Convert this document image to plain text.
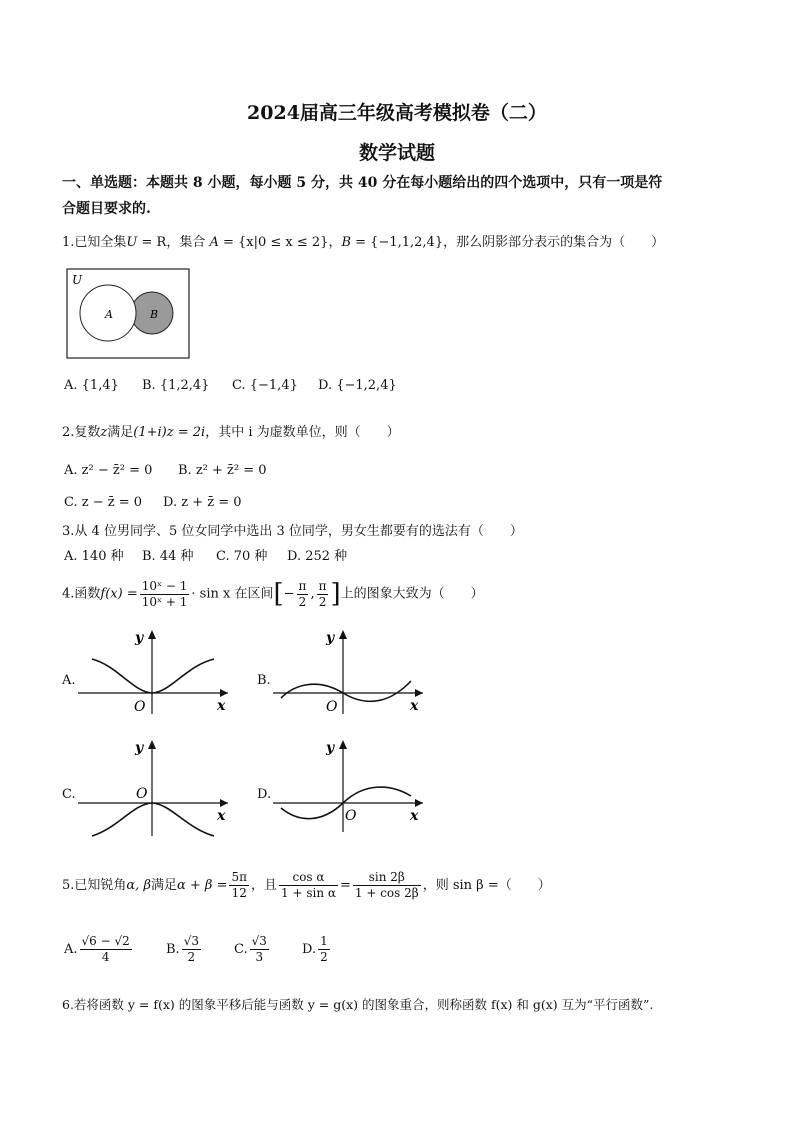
2024届高三年级高考模拟卷（二）
数学试题
一、单选题：本题共 8 小题，每小题 5 分，共 40 分在每小题给出的四个选项中，只有一项是符
合题目要求的.
1.已知全集U = R，集合 A = {x|0 ≤ x ≤ 2}，B = {−1,1,2,4}，那么阴影部分表示的集合为（　　）
U
A	B
A. {1,4} B. {1,2,4} C. {−1,4} D. {−1,2,4}
2.复数z满足(1+i)z = 2i，其中 i 为虚数单位，则（　　）
A. z² − z̄² = 0 B. z² + z̄² = 0
C. z − z̄ = 0 D. z + z̄ = 0
3.从 4 位男同学、5 位女同学中选出 3 位同学，男女生都要有的选法有（　　）
A. 140 种 B. 44 种 C. 70 种 D. 252 种
4.函数$f(x) = \frac{\text{10ˣ − 1}}{\text{10ˣ + 1}} \cdot \sin x$ 在区间[− $\frac{\pi}{2}$ , $\frac{\pi}{2}$ ]上的图象大致为（　　）
A.
y
x
O
B.
y
x
O
C.
y
x
O	D.
y
x
O
5.已知锐角α, β满足$\alpha + \beta = \frac{5\pi}{12}$ ，且 $\frac{\text{cos α}}{\text{1 + sin α}} = \frac{\sin 2\beta}{1 + \cos 2\beta}$ ，则 sin β =（　　）
A. $\frac{√6 - √2}{4}$	B. $\frac{√3}{2}$	C. $\frac{√3}{3}$	D. $\frac{1}{2}$
6.若将函数 y = f(x) 的图象平移后能与函数 y = g(x) 的图象重合，则称函数 f(x) 和 g(x) 互为“平行函数”.
